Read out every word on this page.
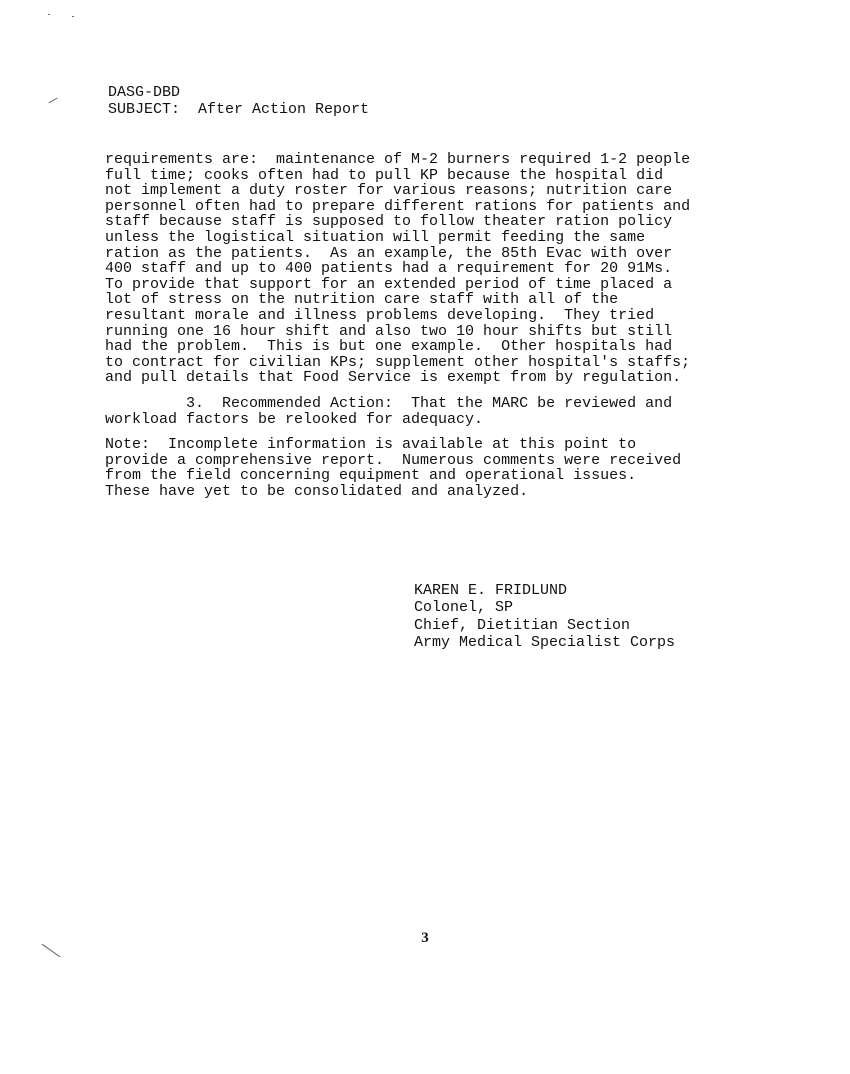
DASG-DBD
SUBJECT: After Action Report
requirements are:  maintenance of M-2 burners required 1-2 people
full time; cooks often had to pull KP because the hospital did
not implement a duty roster for various reasons; nutrition care
personnel often had to prepare different rations for patients and
staff because staff is supposed to follow theater ration policy
unless the logistical situation will permit feeding the same
ration as the patients.  As an example, the 85th Evac with over
400 staff and up to 400 patients had a requirement for 20 91Ms.
To provide that support for an extended period of time placed a
lot of stress on the nutrition care staff with all of the
resultant morale and illness problems developing.  They tried
running one 16 hour shift and also two 10 hour shifts but still
had the problem.  This is but one example.  Other hospitals had
to contract for civilian KPs; supplement other hospital's staffs;
and pull details that Food Service is exempt from by regulation.
3.  Recommended Action:  That the MARC be reviewed and
workload factors be relooked for adequacy.
Note:  Incomplete information is available at this point to
provide a comprehensive report.  Numerous comments were received
from the field concerning equipment and operational issues.
These have yet to be consolidated and analyzed.
KAREN E. FRIDLUND
Colonel, SP
Chief, Dietitian Section
Army Medical Specialist Corps
3
